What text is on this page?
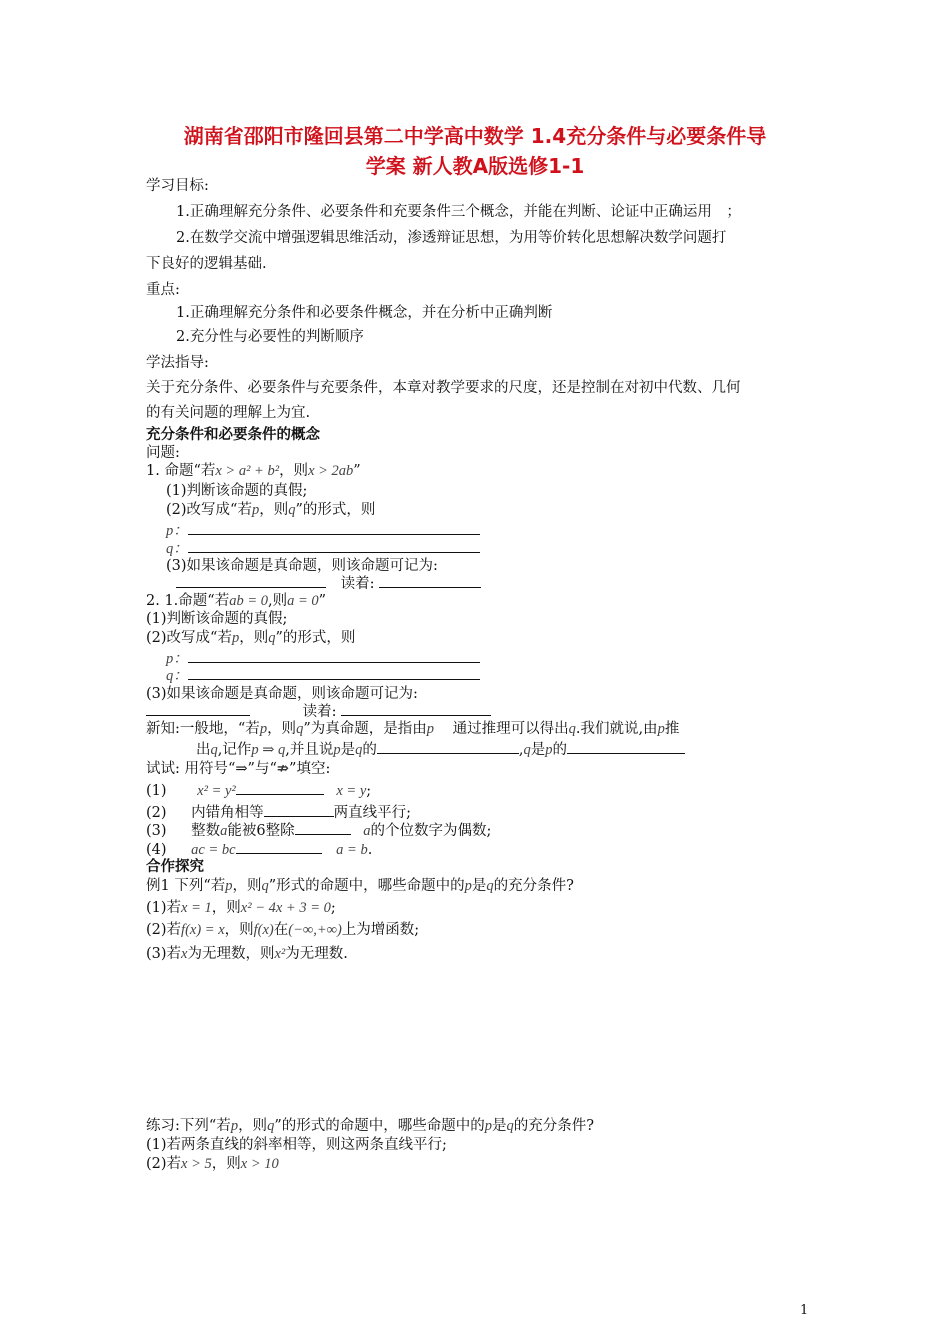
湖南省邵阳市隆回县第二中学高中数学 1.4充分条件与必要条件导
学案 新人教A版选修1-1
学习目标:
1.正确理解充分条件、必要条件和充要条件三个概念，并能在判断、论证中正确运用　；
2.在数学交流中增强逻辑思维活动，渗透辩证思想，为用等价转化思想解决数学问题打
下良好的逻辑基础.
重点:
1.正确理解充分条件和必要条件概念，并在分析中正确判断
2.充分性与必要性的判断顺序
学法指导:
关于充分条件、必要条件与充要条件，本章对教学要求的尺度，还是控制在对初中代数、几何
的有关问题的理解上为宜.
充分条件和必要条件的概念
问题:
1. 命题“若x > a² + b²，则x > 2ab”
(1)判断该命题的真假;
(2)改写成“若p，则q”的形式，则
p：
q：
(3)如果该命题是真命题，则该命题可记为:
读着:
2. 1.命题“若ab = 0,则a = 0”
(1)判断该命题的真假;
(2)改写成“若p，则q”的形式，则
p：
q：
(3)如果该命题是真命题，则该命题可记为:
读着:
新知:一般地，“若p，则q”为真命题，是指由p 通过推理可以得出q.我们就说,由p推
出q,记作p ⇒ q,并且说p是q的	,q是p的
试试: 用符号“⇒”与“⇏”填空:
(1) x² = y²	x = y;
(2) 内错角相等	两直线平行;
(3) 整数a能被6整除	a的个位数字为偶数;
(4) ac = bc	a = b.
合作探究
例1 下列“若p，则q”形式的命题中，哪些命题中的p是q的充分条件?
(1)若x = 1，则x² − 4x + 3 = 0;
(2)若f(x) = x，则f(x)在(−∞,+∞)上为增函数;
(3)若x为无理数，则x²为无理数.
练习:下列“若p，则q”的形式的命题中，哪些命题中的p是q的充分条件?
(1)若两条直线的斜率相等，则这两条直线平行;
(2)若x > 5，则x > 10
1
